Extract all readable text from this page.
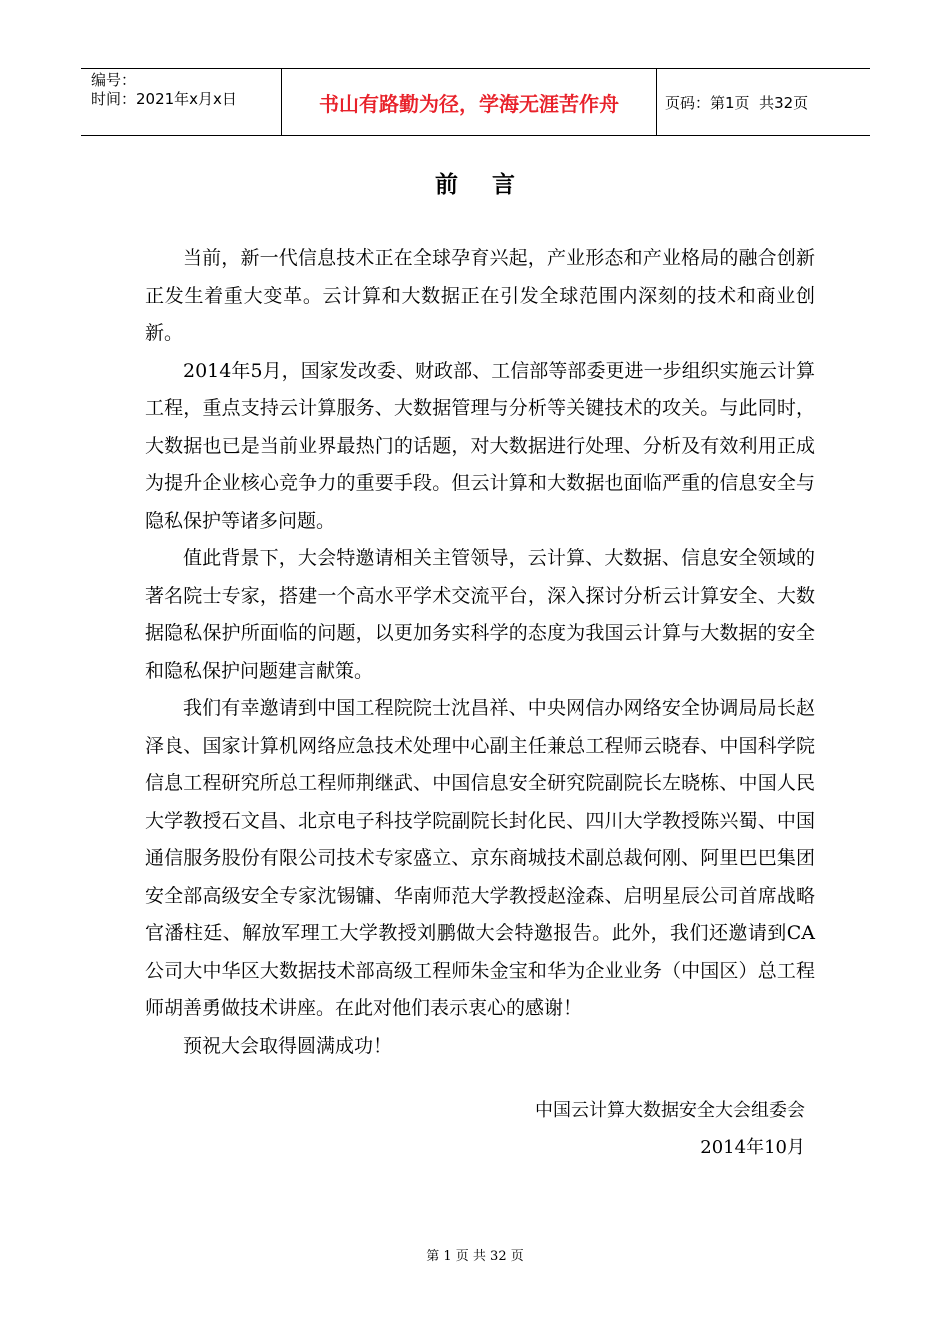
编号：
时间：2021年x月x日	书山有路勤为径，学海无涯苦作舟	页码：第1页  共32页
前言

当前，新一代信息技术正在全球孕育兴起，产业形态和产业格局的融合创新正发生着重大变革。云计算和大数据正在引发全球范围内深刻的技术和商业创新。

2014年5月，国家发改委、财政部、工信部等部委更进一步组织实施云计算工程，重点支持云计算服务、大数据管理与分析等关键技术的攻关。与此同时，大数据也已是当前业界最热门的话题，对大数据进行处理、分析及有效利用正成为提升企业核心竞争力的重要手段。但云计算和大数据也面临严重的信息安全与隐私保护等诸多问题。

值此背景下，大会特邀请相关主管领导，云计算、大数据、信息安全领域的著名院士专家，搭建一个高水平学术交流平台，深入探讨分析云计算安全、大数据隐私保护所面临的问题，以更加务实科学的态度为我国云计算与大数据的安全和隐私保护问题建言献策。

我们有幸邀请到中国工程院院士沈昌祥、中央网信办网络安全协调局局长赵泽良、国家计算机网络应急技术处理中心副主任兼总工程师云晓春、中国科学院信息工程研究所总工程师荆继武、中国信息安全研究院副院长左晓栋、中国人民大学教授石文昌、北京电子科技学院副院长封化民、四川大学教授陈兴蜀、中国通信服务股份有限公司技术专家盛立、京东商城技术副总裁何刚、阿里巴巴集团安全部高级安全专家沈锡镛、华南师范大学教授赵淦森、启明星辰公司首席战略官潘柱廷、解放军理工大学教授刘鹏做大会特邀报告。此外，我们还邀请到CA公司大中华区大数据技术部高级工程师朱金宝和华为企业业务（中国区）总工程师胡善勇做技术讲座。在此对他们表示衷心的感谢！

预祝大会取得圆满成功！

中国云计算大数据安全大会组委会
2014年10月
第 1 页 共 32 页
